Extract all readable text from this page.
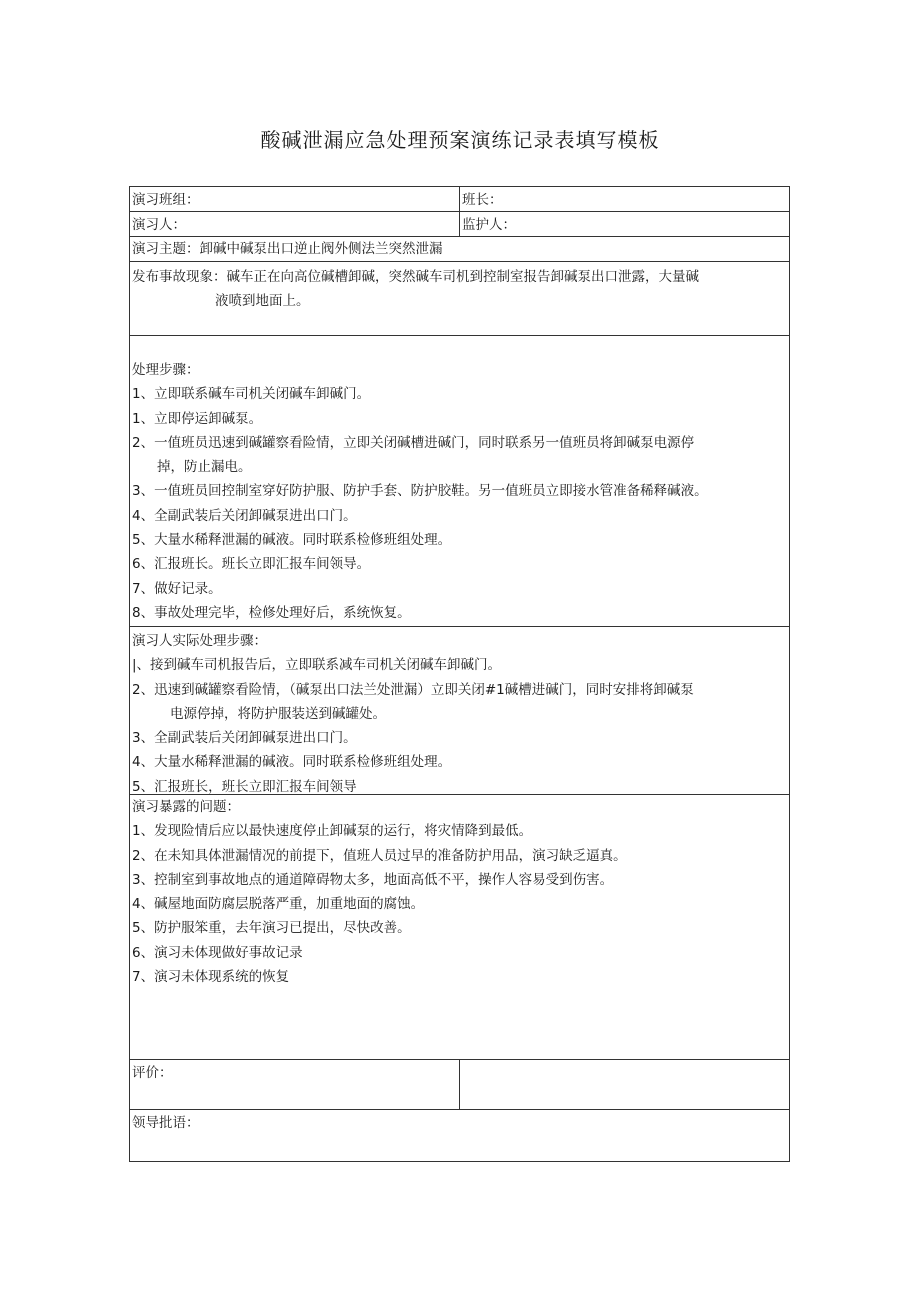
酸碱泄漏应急处理预案演练记录表填写模板
演习班组：	班长：
演习人：	监护人：
演习主题：卸碱中碱泵出口逆止阀外侧法兰突然泄漏
发布事故现象：碱车正在向高位碱槽卸碱，突然碱车司机到控制室报告卸碱泵出口泄露，大量碱
液喷到地面上。
处理步骤：
1、立即联系碱车司机关闭碱车卸碱门。
1、立即停运卸碱泵。
2、一值班员迅速到碱罐察看险情，立即关闭碱槽进碱门，同时联系另一值班员将卸碱泵电源停
掉，防止漏电。
3、一值班员回控制室穿好防护服、防护手套、防护胶鞋。另一值班员立即接水管准备稀释碱液。
4、全副武装后关闭卸碱泵进出口门。
5、大量水稀释泄漏的碱液。同时联系检修班组处理。
6、汇报班长。班长立即汇报车间领导。
7、做好记录。
8、事故处理完毕，检修处理好后，系统恢复。
演习人实际处理步骤：
|、接到碱车司机报告后，立即联系减车司机关闭碱车卸碱门。
2、迅速到碱罐察看险情，（碱泵出口法兰处泄漏）立即关闭#1碱槽进碱门，同时安排将卸碱泵
电源停掉，将防护服装送到碱罐处。
3、全副武装后关闭卸碱泵进出口门。
4、大量水稀释泄漏的碱液。同时联系检修班组处理。
5、汇报班长，班长立即汇报车间领导
演习暴露的问题：
1、发现险情后应以最快速度停止卸碱泵的运行，将灾情降到最低。
2、在未知具体泄漏情况的前提下，值班人员过早的准备防护用品，演习缺乏逼真。
3、控制室到事故地点的通道障碍物太多，地面高低不平，操作人容易受到伤害。
4、碱屋地面防腐层脱落严重，加重地面的腐蚀。
5、防护服笨重，去年演习已提出，尽快改善。
6、演习未体现做好事故记录
7、演习未体现系统的恢复
评价：
领导批语：
